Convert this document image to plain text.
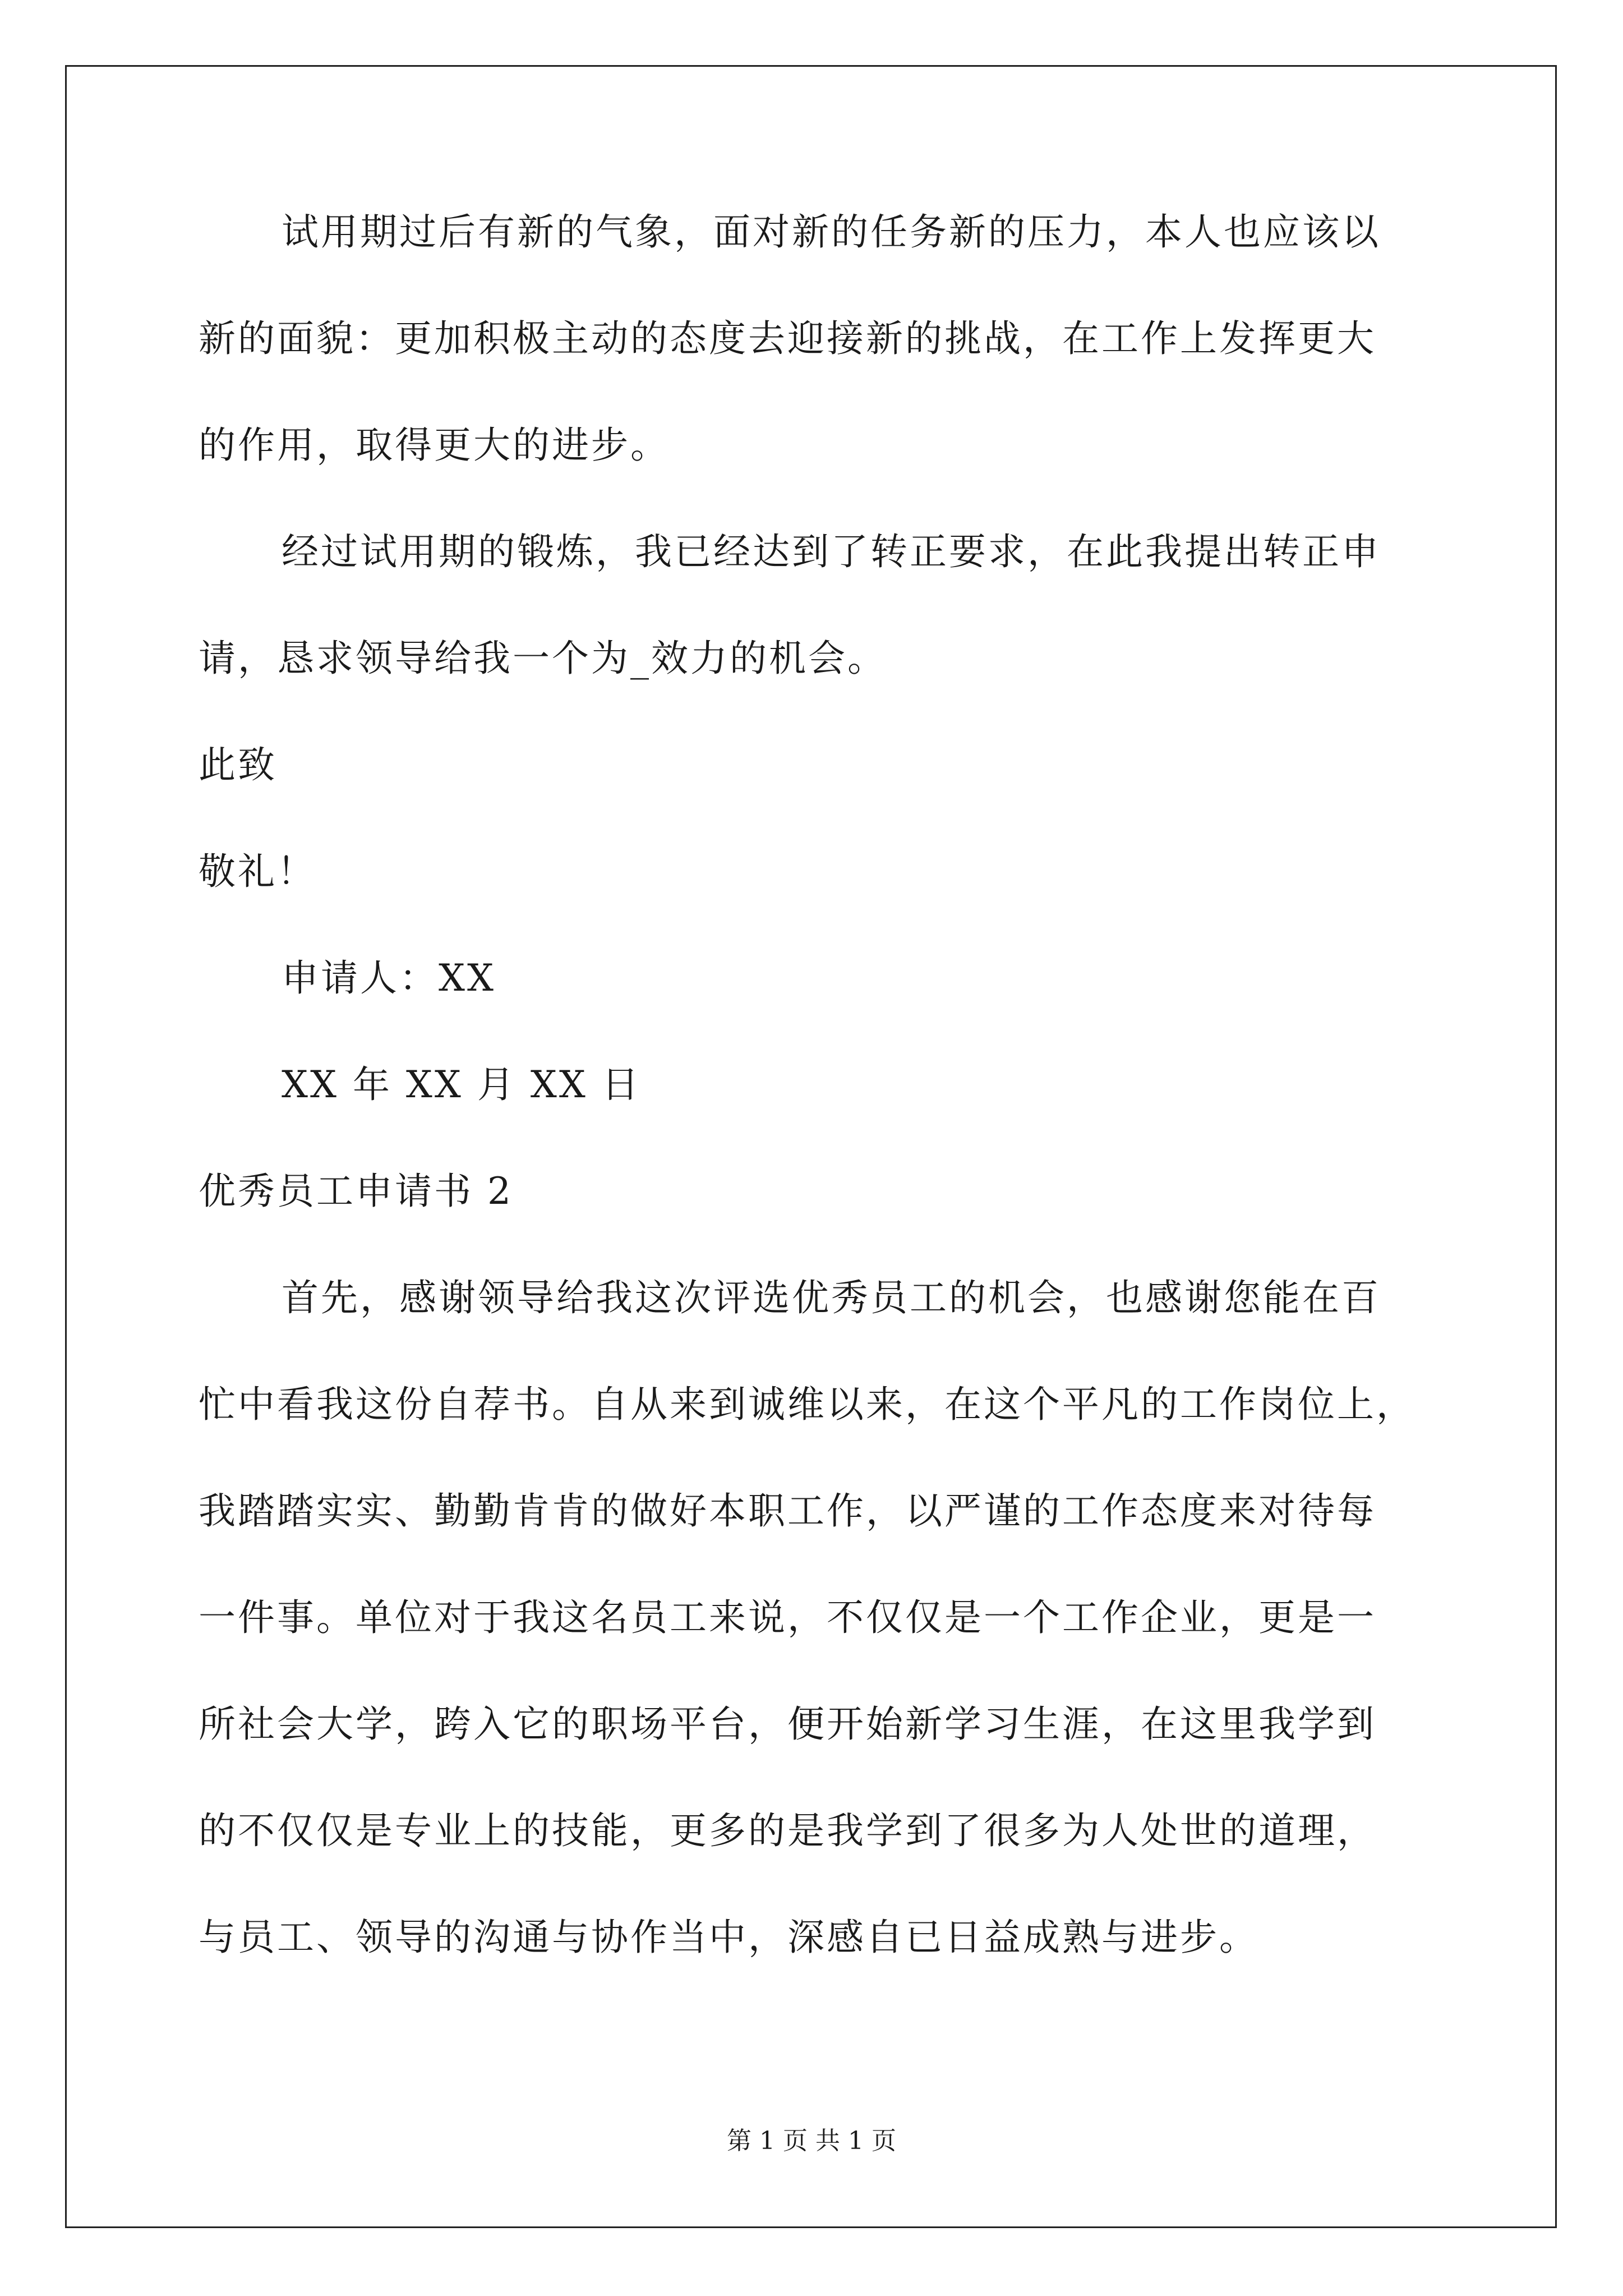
试用期过后有新的气象，面对新的任务新的压力，本人也应该以
新的面貌：更加积极主动的态度去迎接新的挑战，在工作上发挥更大
的作用，取得更大的进步。
经过试用期的锻炼，我已经达到了转正要求，在此我提出转正申
请，恳求领导给我一个为_效力的机会。
此致
敬礼！
申请人：XX
XX 年 XX 月 XX 日
优秀员工申请书 2
首先，感谢领导给我这次评选优秀员工的机会，也感谢您能在百
忙中看我这份自荐书。自从来到诚维以来，在这个平凡的工作岗位上，
我踏踏实实、勤勤肯肯的做好本职工作，以严谨的工作态度来对待每
一件事。单位对于我这名员工来说，不仅仅是一个工作企业，更是一
所社会大学，跨入它的职场平台，便开始新学习生涯，在这里我学到
的不仅仅是专业上的技能，更多的是我学到了很多为人处世的道理，
与员工、领导的沟通与协作当中，深感自已日益成熟与进步。
第 1 页 共 1 页
